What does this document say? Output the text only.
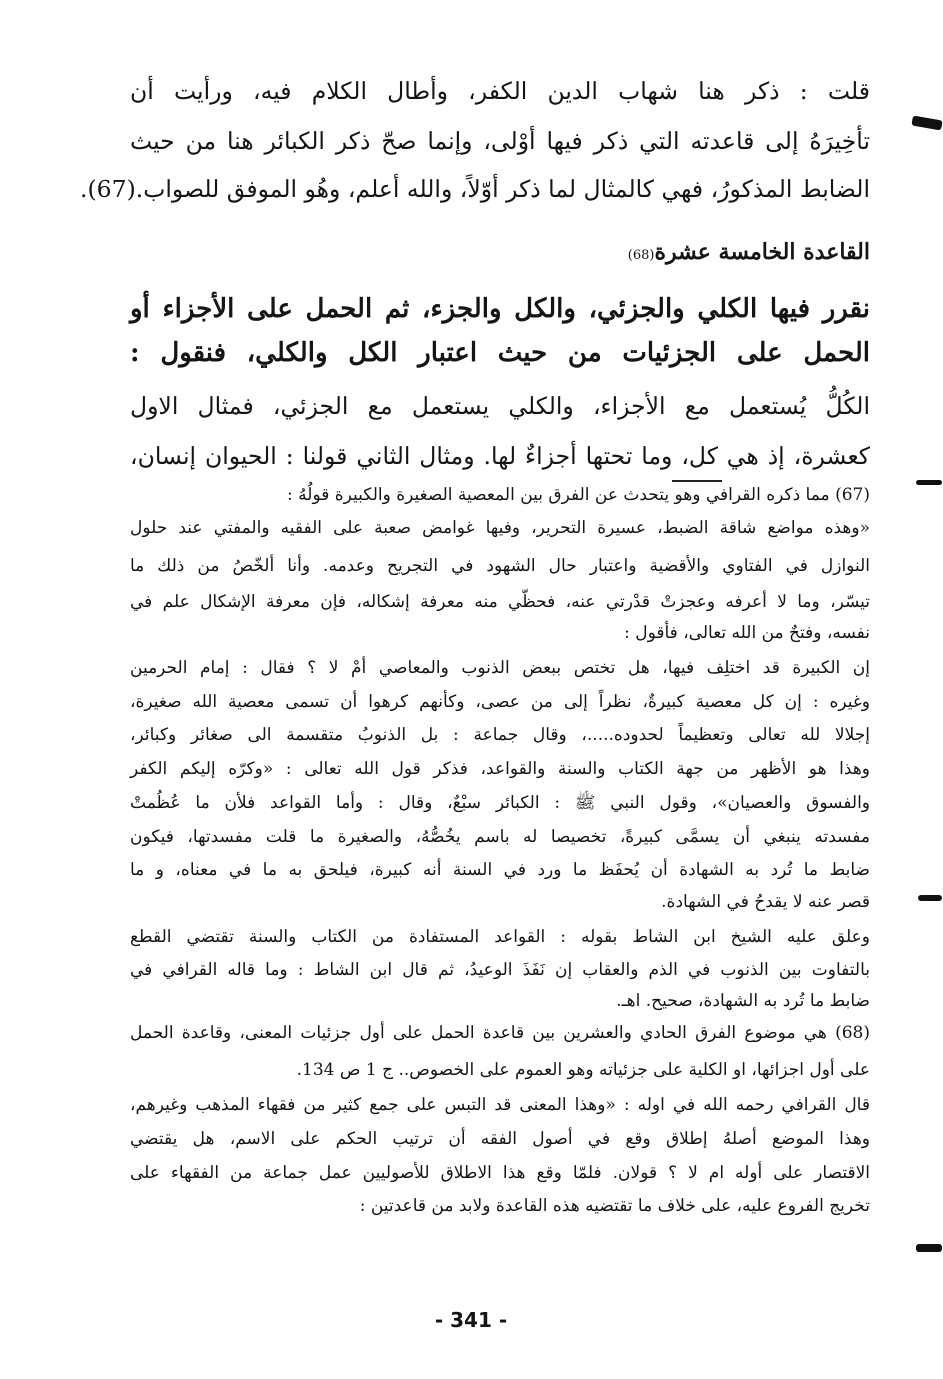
قلت : ذكر هنا شهاب الدين الكفر، وأطال الكلام فيه، ورأيت أن
تأخِيرَهُ إلى قاعدته التي ذكر فيها أوْلى، وإنما صحّ ذكر الكبائر هنا من حيث
الضابط المذكورُ، فهي كالمثال لما ذكر أوّلاً، والله أعلم، وهُو الموفق للصواب.(67).
القاعدة الخامسة عشرة(68)
نقرر فيها الكلي والجزئي، والكل والجزء، ثم الحمل على الأجزاء أو
الحمل على الجزئيات من حيث اعتبار الكل والكلي، فنقول :
الكُلُّ يُستعمل مع الأجزاء، والكلي يستعمل مع الجزئي، فمثال الاول
كعشرة، إذ هي كل، وما تحتها أجزاءٌ لها. ومثال الثاني قولنا : الحيوان إنسان،
(67) مما ذكره القرافي وهو يتحدث عن الفرق بين المعصية الصغيرة والكبيرة قولُهُ :
«وهذه مواضع شاقة الضبط، عسيرة التحرير، وفيها غوامض صعبة على الفقيه والمفتي عند حلول
النوازل في الفتاوي والأقضية واعتبار حال الشهود في التجريح وعدمه. وأنا ألخّصُ من ذلك ما
تيسّر، وما لا أعرفه وعجزتْ قدْرتي عنه، فحظّي منه معرفة إشكاله، فإن معرفة الإشكال علم في
نفسه، وفتحٌ من الله تعالى، فأقول :
إن الكبيرة قد اختلِف فيها، هل تختص ببعض الذنوب والمعاصي أمْ لا ؟ فقال : إمام الحرمين
وغيره : إن كل معصية كبيرةٌ، نظراً إلى من عصى، وكأنهم كرهوا أن تسمى معصية الله صغيرة،
إجلالا لله تعالى وتعظيماً لحدوده.....، وقال جماعة : بل الذنوبُ متقسمة الى صغائر وكبائر،
وهذا هو الأظهر من جهة الكتاب والسنة والقواعد، فذكر قول الله تعالى : «وكرّه إليكم الكفر
والفسوق والعصيان»، وقول النبي ﷺ : الكبائر سبْعٌ، وقال : وأما القواعد فلأن ما عُظُمتْ
مفسدته ينبغي أن يسمَّى كبيرةً، تخصيصا له باسم يخُصُّهُ، والصغيرة ما قلت مفسدتها، فيكون
ضابط ما تُرد به الشهادة أن يُحفَظ ما ورد في السنة أنه كبيرة، فيلحق به ما في معناه، و ما
قصر عنه لا يقدحُ في الشهادة.
وعلق عليه الشيخ ابن الشاط بقوله : القواعد المستفادة من الكتاب والسنة تقتضي القطع
بالتفاوت بين الذنوب في الذم والعقاب إن نَفَذَ الوعيدُ، ثم قال ابن الشاط : وما قاله القرافي في
ضابط ما تُرد به الشهادة، صحيح. اهـ.
(68) هي موضوع الفرق الحادي والعشرين بين قاعدة الحمل على أول جزئيات المعنى، وقاعدة الحمل
على أول اجزائها، او الكلية على جزئياته وهو العموم على الخصوص.. ج 1 ص 134.
قال القرافي رحمه الله في اوله : «وهذا المعنى قد التبس على جمع كثير من فقهاء المذهب وغيرهم،
وهذا الموضع أصلهُ إطلاق وقع في أصول الفقه أن ترتيب الحكم على الاسم، هل يقتضي
الاقتصار على أوله ام لا ؟ قولان. فلمّا وقع هذا الاطلاق للأصوليين عمل جماعة من الفقهاء على
تخريج الفروع عليه، على خلاف ما تقتضيه هذه القاعدة ولابد من قاعدتين :
- 341 -
